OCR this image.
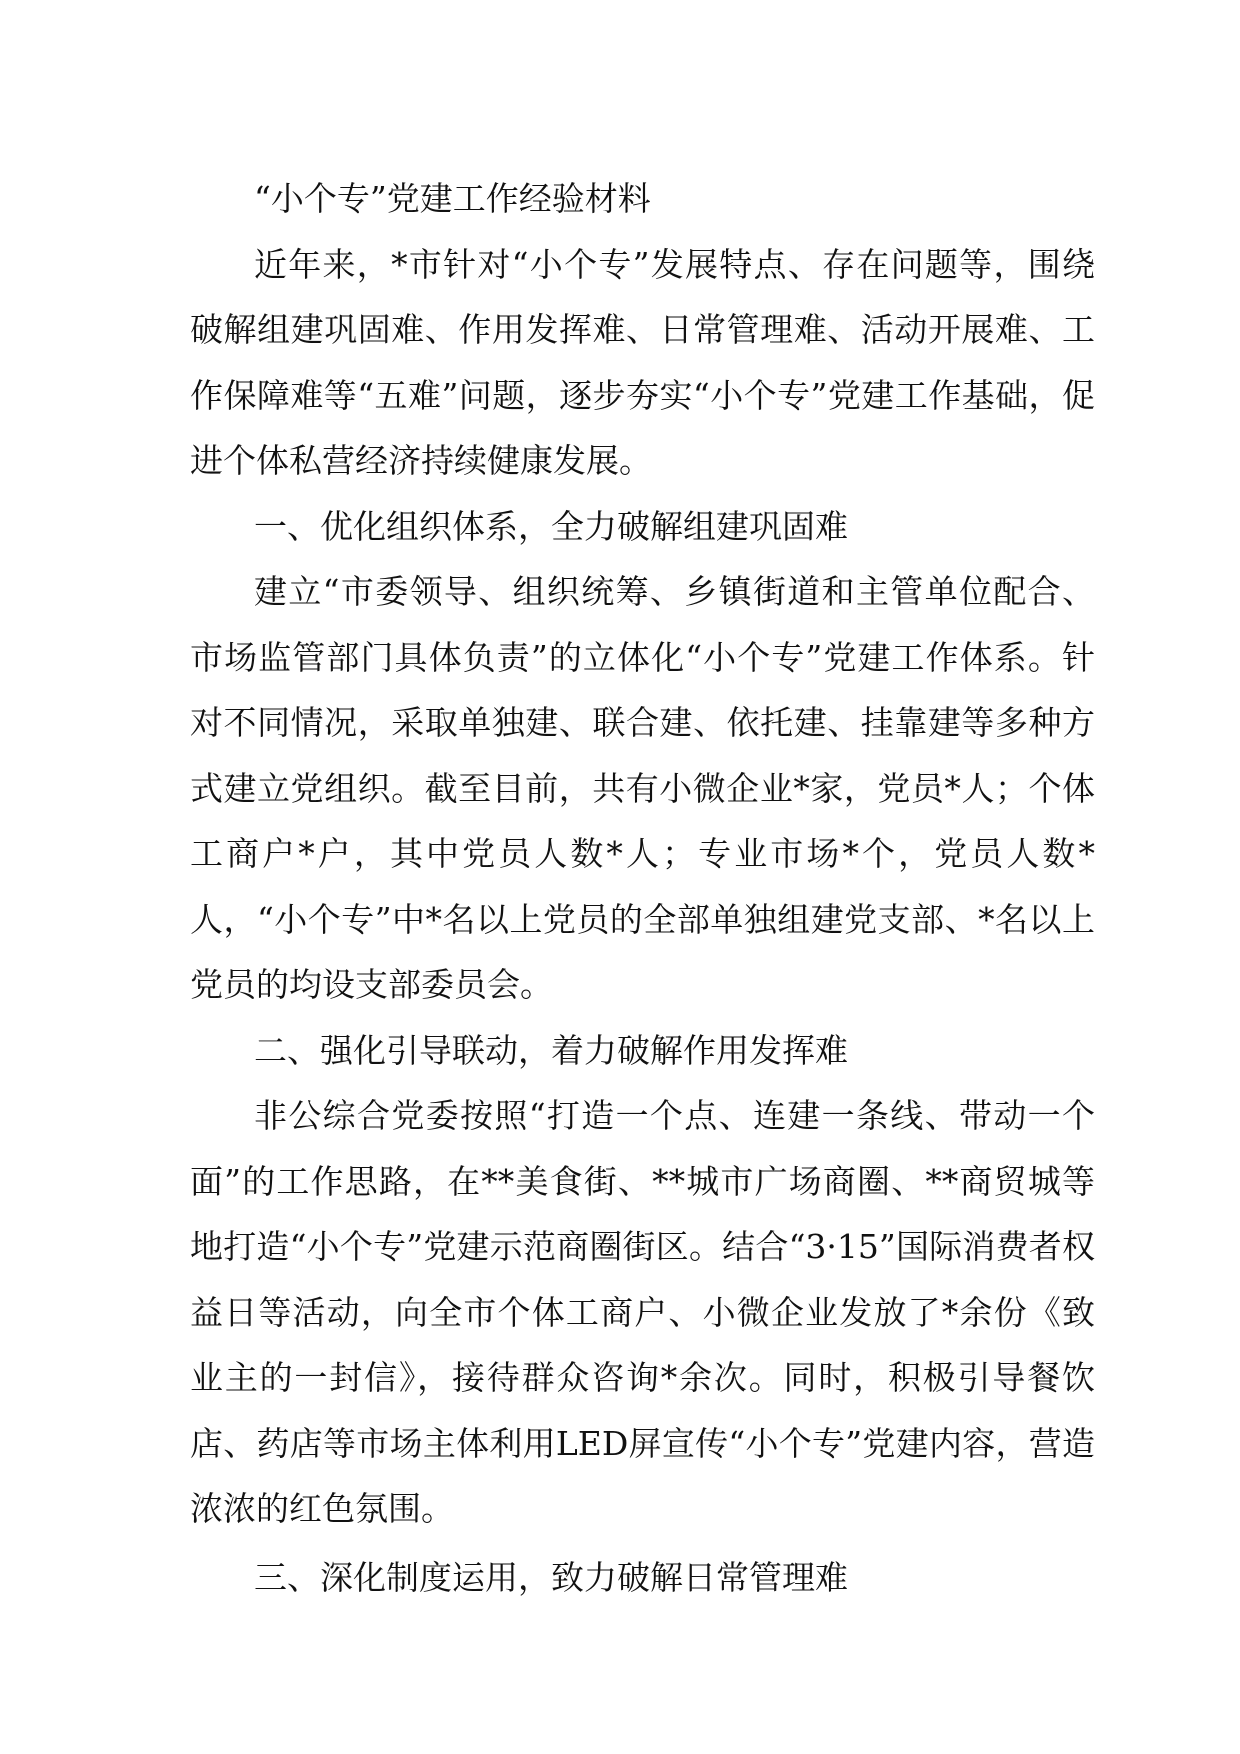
“小个专”党建工作经验材料

近年来，*市针对“小个专”发展特点、存在问题等，围绕破解组建巩固难、作用发挥难、日常管理难、活动开展难、工作保障难等“五难”问题，逐步夯实“小个专”党建工作基础，促进个体私营经济持续健康发展。

一、优化组织体系，全力破解组建巩固难

建立“市委领导、组织统筹、乡镇街道和主管单位配合、市场监管部门具体负责”的立体化“小个专”党建工作体系。针对不同情况，采取单独建、联合建、依托建、挂靠建等多种方式建立党组织。截至目前，共有小微企业*家，党员*人；个体工商户*户，其中党员人数*人；专业市场*个，党员人数*人，“小个专”中*名以上党员的全部单独组建党支部、*名以上党员的均设支部委员会。

二、强化引导联动，着力破解作用发挥难

非公综合党委按照“打造一个点、连建一条线、带动一个面”的工作思路，在**美食街、**城市广场商圈、**商贸城等地打造“小个专”党建示范商圈街区。结合“3·15”国际消费者权益日等活动，向全市个体工商户、小微企业发放了*余份《致业主的一封信》，接待群众咨询*余次。同时，积极引导餐饮店、药店等市场主体利用LED屏宣传“小个专”党建内容，营造浓浓的红色氛围。

三、深化制度运用，致力破解日常管理难
